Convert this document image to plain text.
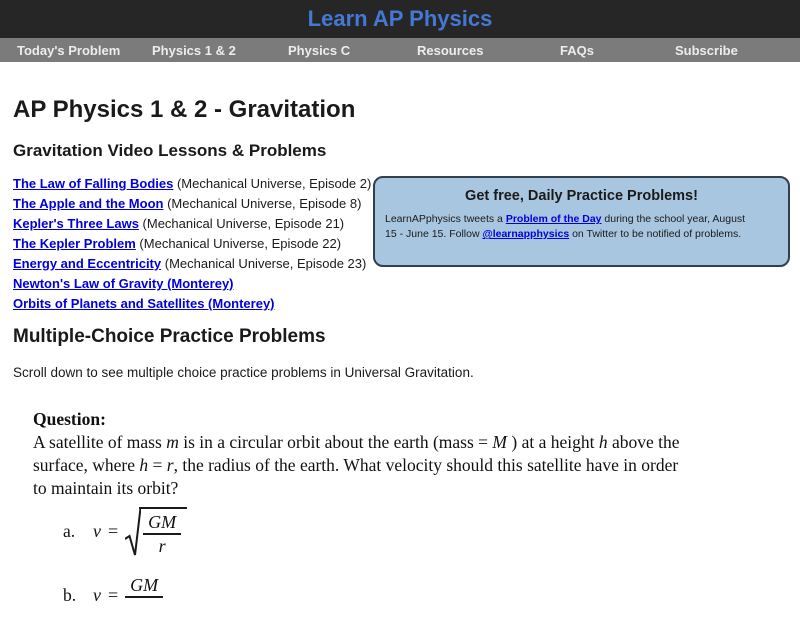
Learn AP Physics
Today's Problem	Physics 1 & 2	Physics C	Resources	FAQs	Subscribe
AP Physics 1 & 2 - Gravitation
Gravitation Video Lessons & Problems
The Law of Falling Bodies (Mechanical Universe, Episode 2)
The Apple and the Moon (Mechanical Universe, Episode 8)
Kepler's Three Laws (Mechanical Universe, Episode 21)
The Kepler Problem (Mechanical Universe, Episode 22)
Energy and Eccentricity (Mechanical Universe, Episode 23)
Newton's Law of Gravity (Monterey)
Orbits of Planets and Satellites (Monterey)
Get free, Daily Practice Problems!
LearnAPphysics tweets a Problem of the Day during the school year, August
15 - June 15. Follow @learnapphysics on Twitter to be notified of problems.
Multiple-Choice Practice Problems

Scroll down to see multiple choice practice problems in Universal Gravitation.

Question:
A satellite of mass m is in a circular orbit about the earth (mass = M ) at a height h above the
surface, where h = r, the radius of the earth. What velocity should this satellite have in order
to maintain its orbit?
a. $v = \frac{GM}{r}$
b. v =
GM
